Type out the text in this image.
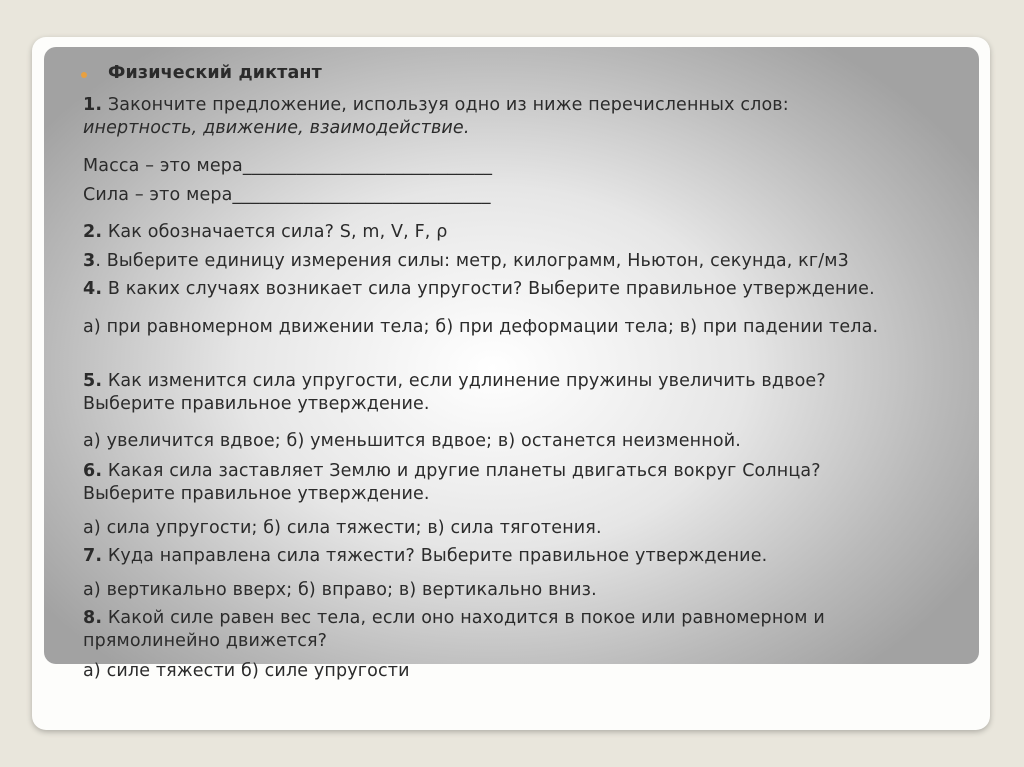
Физический диктант
1. Закончите предложение, используя одно из ниже перечисленных слов:
инертность, движение, взаимодействие.
Масса – это мера____________________________
Сила – это мера_____________________________
2. Как обозначается сила? S, m, V, F, ρ
3. Выберите единицу измерения силы: метр, килограмм, Ньютон, секунда, кг/м3
4. В каких случаях возникает сила упругости? Выберите правильное утверждение.
а) при равномерном движении тела; б) при деформации тела; в) при падении тела.
5. Как изменится сила упругости, если удлинение пружины увеличить вдвое?
Выберите правильное утверждение.
а) увеличится вдвое; б) уменьшится вдвое; в) останется неизменной.
6. Какая сила заставляет Землю и другие планеты двигаться вокруг Солнца?
Выберите правильное утверждение.
а) сила упругости; б) сила тяжести; в) сила тяготения.
7. Куда направлена сила тяжести? Выберите правильное утверждение.
а) вертикально вверх; б) вправо; в) вертикально вниз.
8. Какой силе равен вес тела, если оно находится в покое или равномерном и
прямолинейно движется?
а) силе тяжести б) силе упругости
